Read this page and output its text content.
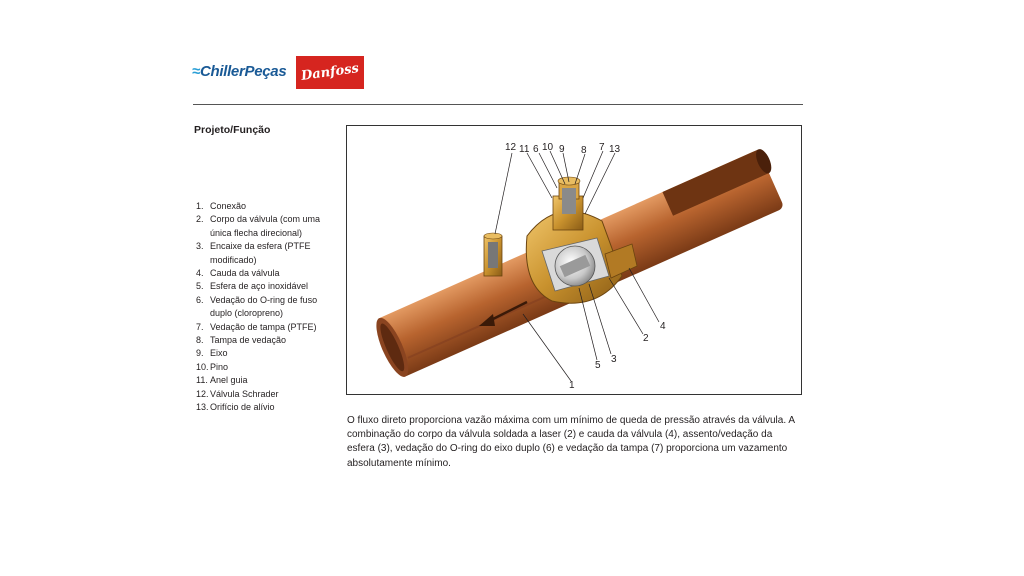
≈ChillerPeças Danfoss
Projeto/Função
1. Conexão
2. Corpo da válvula (com uma única flecha direcional)
3. Encaixe da esfera (PTFE modificado)
4. Cauda da válvula
5. Esfera de aço inoxidável
6. Vedação do O-ring de fuso duplo (cloropreno)
7. Vedação de tampa (PTFE)
8. Tampa de vedação
9. Eixo
10. Pino
11. Anel guia
12. Válvula Schrader
13. Orifício de alívio
12 11 6 10 9 8 7 13
4
2
3
5
1

O fluxo direto proporciona vazão máxima com um mínimo de queda de pressão através da válvula. A combinação do corpo da válvula soldada a laser (2) e cauda da válvula (4), assento/vedação da esfera (3), vedação do O-ring do eixo duplo (6) e vedação da tampa (7) proporciona um vazamento absolutamente mínimo.
